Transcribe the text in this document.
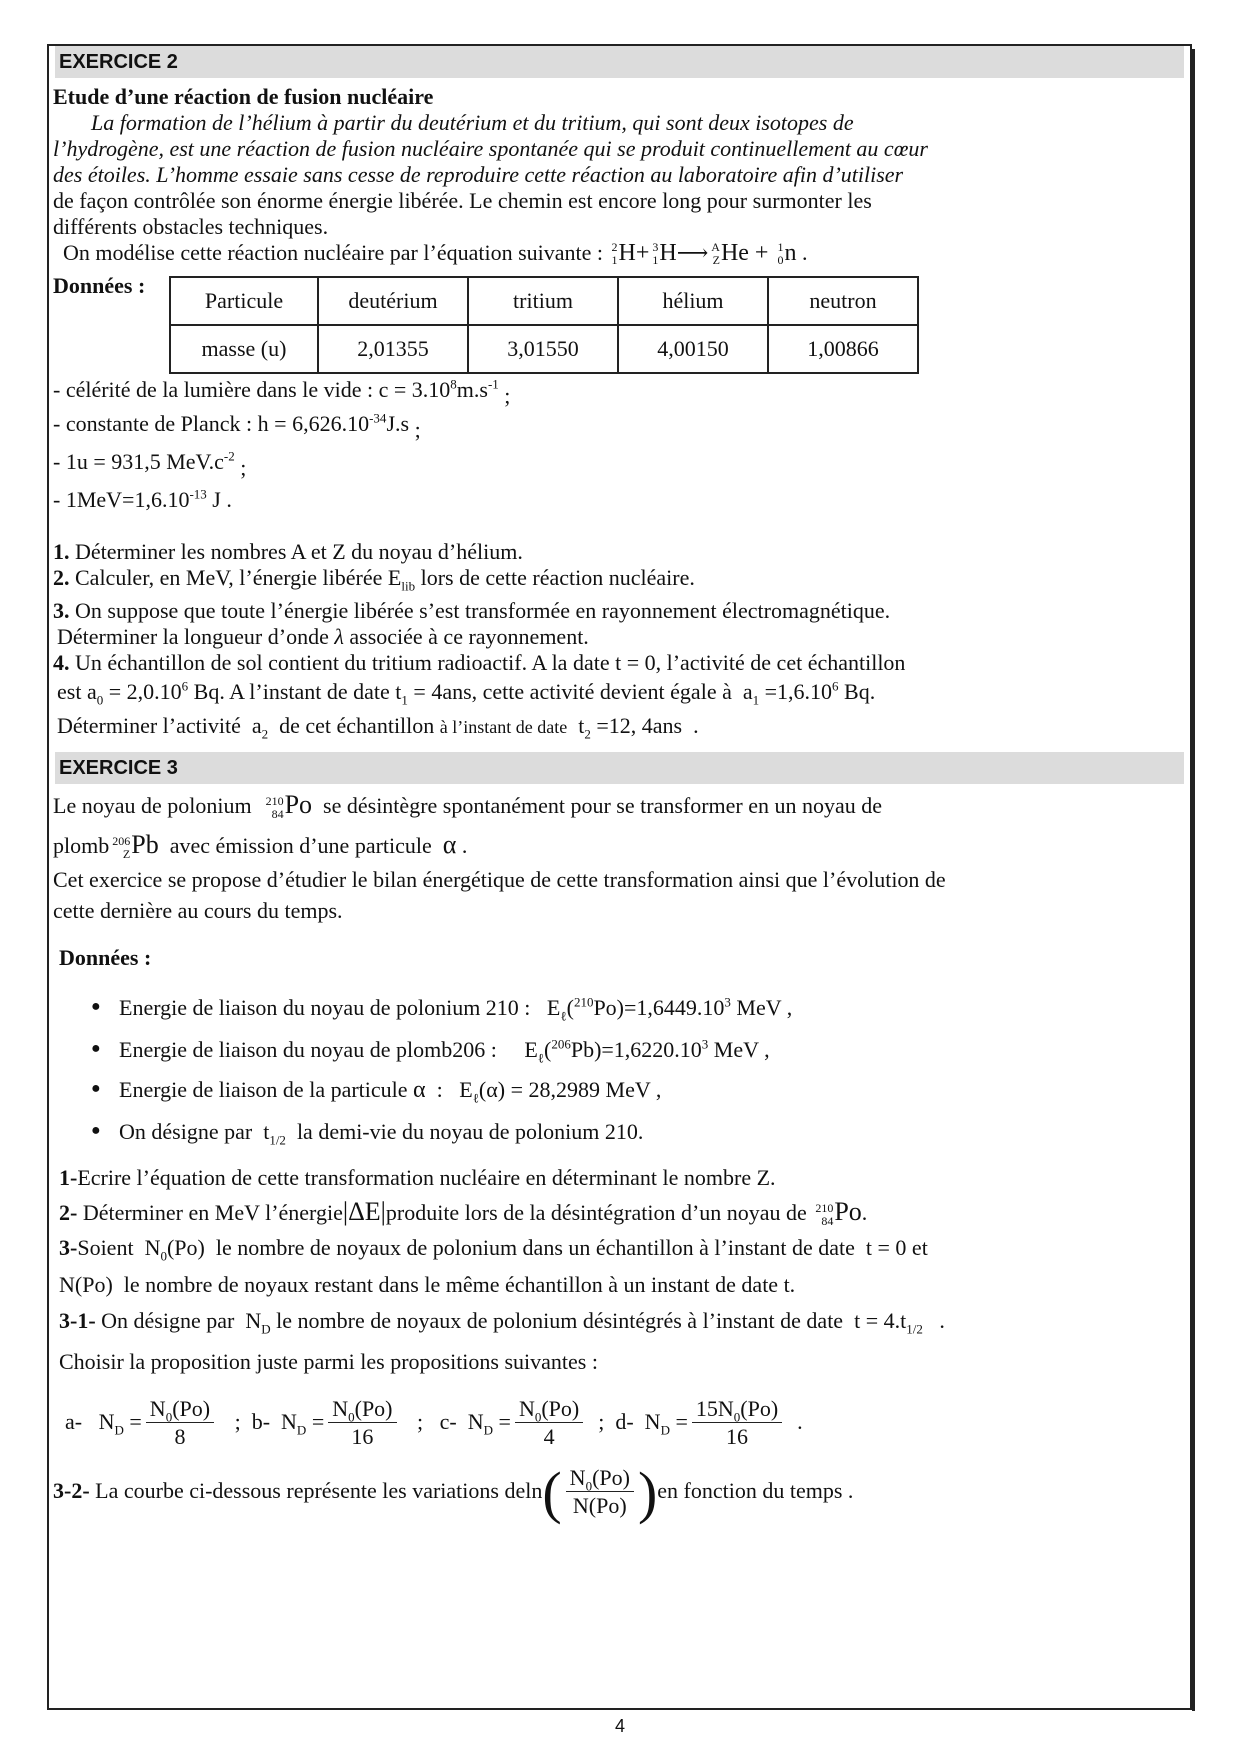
EXERCICE 2
Etude d’une réaction de fusion nucléaire
La formation de l’hélium à partir du deutérium et du tritium, qui sont deux isotopes de
l’hydrogène, est une réaction de fusion nucléaire spontanée qui se produit continuellement au cœur
des étoiles. L’homme essaie sans cesse de reproduire cette réaction au laboratoire afin d’utiliser
de façon contrôlée son énorme énergie libérée. Le chemin est encore long pour surmonter les
différents obstacles techniques.
On modélise cette réaction nucléaire par l’équation suivante : 2
1 H+ 3
1 H⟶ A
Z He + 1
0 n .
Données :
Particule	deutérium	tritium	hélium	neutron
masse (u)	2,01355	3,01550	4,00150	1,00866
- célérité de la lumière dans le vide : $c = 3.10^8m.s^{-1}$ ;
- constante de Planck : $h = 6,626.10^{-34}J.s$ ;
- 1u = 931,5 $MeV.c^{-2}$ ;
- $1MeV=1,6.10^{-13}$ J .
1. Déterminer les nombres A et Z du noyau d’hélium.
2. Calculer, en MeV, l’énergie libérée $E_{lib}$ lors de cette réaction nucléaire.
3. On suppose que toute l’énergie libérée s’est transformée en rayonnement électromagnétique.
Déterminer la longueur d’onde λ associée à ce rayonnement.
4. Un échantillon de sol contient du tritium radioactif. A la date t = 0, l’activité de cet échantillon
est $a_0 = 2,0.10^6$ Bq. A l’instant de date $t_1 = 4ans$, cette activité devient égale à  $a_1 =1,6.10^6$ Bq.
Déterminer l’activité  $a_2$ de cet échantillon à l’instant de date  $t_2 =12$, 4ans  .
EXERCICE 3
Le noyau de polonium 210
84 Po se désintègre spontanément pour se transformer en un noyau de
plomb 206
Z Pb avec émission d’une particule α .
Cet exercice se propose d’étudier le bilan énergétique de cette transformation ainsi que l’évolution de
cette dernière au cours du temps.
Données :
● Energie de liaison du noyau de polonium 210 :   $E_\ell(^{210}Po)=1,6449.10^3$ MeV ,
● Energie de liaison du noyau de plomb206 :     $E_\ell(^{206}Pb)=1,6220.10^3$ MeV ,
● Energie de liaison de la particule α  :   $E_\ell(\alpha) = 28,2989$ MeV ,
● On désigne par  $t_{1/2}$ la demi-vie du noyau de polonium 210.
1-Ecrire l’équation de cette transformation nucléaire en déterminant le nombre Z.
2- Déterminer en MeV l’énergie|ΔE|produite lors de la désintégration d’un noyau de 210
84 Po.
3-Soient  $N_0(Po)$  le nombre de noyaux de polonium dans un échantillon à l’instant de date  t = 0 et
N(Po)  le nombre de noyaux restant dans le même échantillon à un instant de date t.
3-1- On désigne par  $N_D$ le nombre de noyaux de polonium désintégrés à l’instant de date  $t = 4.t_{1/2}$   .
Choisir la proposition juste parmi les propositions suivantes :
a-   $N_D = \frac{N_0(Po)}{8}$ ;  b-  $N_D = \frac{N_0(Po)}{16}$ ;   c-  $N_D = \frac{N_0(Po)}{4}$ ;  d-  $N_D = \frac{15N_0(Po)}{16}$ .
3-2- La courbe ci-dessous représente les variations $deln( \frac{N_0(Po)}{N(Po)} )en$ fonction du temps .
4
